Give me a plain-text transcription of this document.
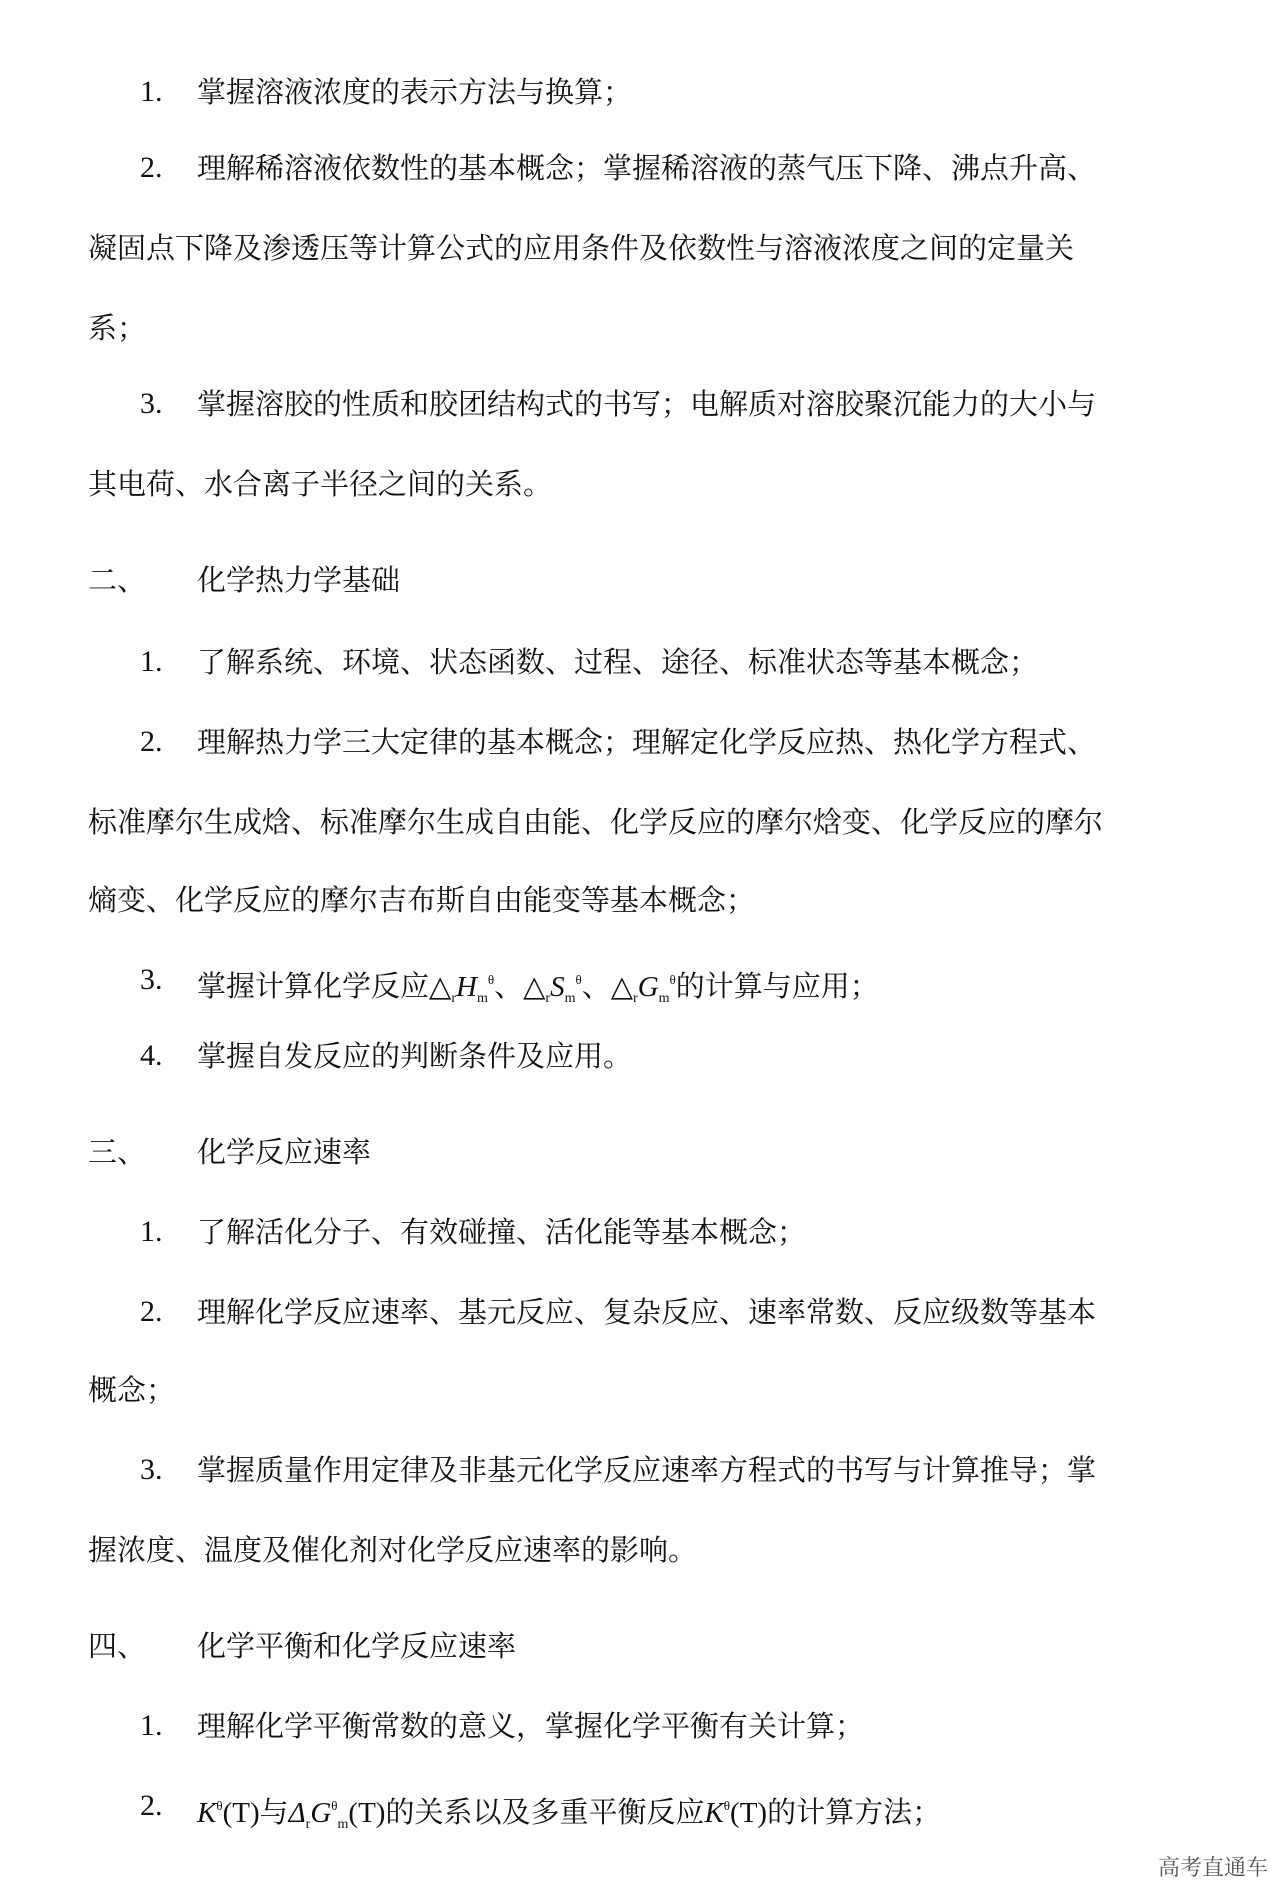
1. 掌握溶液浓度的表示方法与换算；
2. 理解稀溶液依数性的基本概念；掌握稀溶液的蒸气压下降、沸点升高、
凝固点下降及渗透压等计算公式的应用条件及依数性与溶液浓度之间的定量关
系；
3. 掌握溶胶的性质和胶团结构式的书写；电解质对溶胶聚沉能力的大小与
其电荷、水合离子半径之间的关系。
二、 化学热力学基础
1. 了解系统、环境、状态函数、过程、途径、标准状态等基本概念；
2. 理解热力学三大定律的基本概念；理解定化学反应热、热化学方程式、
标准摩尔生成焓、标准摩尔生成自由能、化学反应的摩尔焓变、化学反应的摩尔
熵变、化学反应的摩尔吉布斯自由能变等基本概念；
3. 掌握计算化学反应$\triangle_rH_m^\theta$、$\triangle_rS_m^\theta$、$\triangle_rG_m^\theta$的计算与应用；
4. 掌握自发反应的判断条件及应用。
三、 化学反应速率
1. 了解活化分子、有效碰撞、活化能等基本概念；
2. 理解化学反应速率、基元反应、复杂反应、速率常数、反应级数等基本
概念；
3. 掌握质量作用定律及非基元化学反应速率方程式的书写与计算推导；掌
握浓度、温度及催化剂对化学反应速率的影响。
四、 化学平衡和化学反应速率
1. 理解化学平衡常数的意义，掌握化学平衡有关计算；
2. $K^\theta(T)$与$\Delta_rG^\theta_m(T)$的关系以及多重平衡反应$K^\theta(T)$的计算方法；
高考直通车
